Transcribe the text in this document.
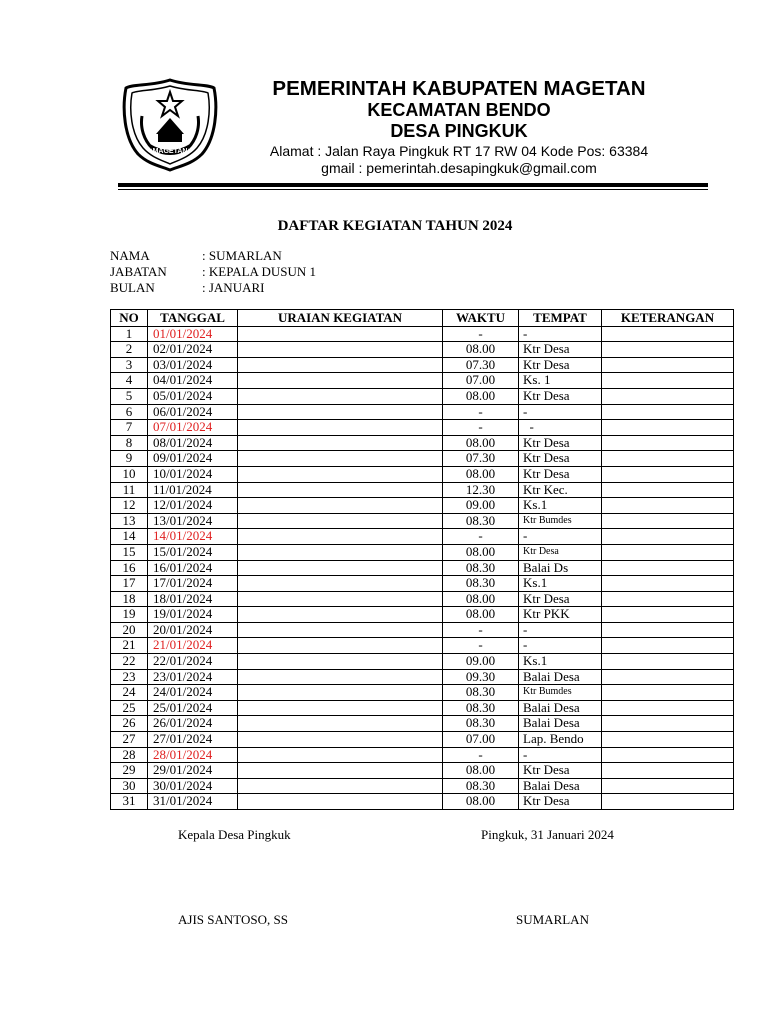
MAGETAN
PEMERINTAH KABUPATEN MAGETAN
KECAMATAN BENDO
DESA PINGKUK
Alamat : Jalan Raya Pingkuk RT 17 RW 04 Kode Pos: 63384
gmail : pemerintah.desapingkuk@gmail.com
DAFTAR KEGIATAN TAHUN 2024
NAMA	: SUMARLAN
JABATAN	: KEPALA DUSUN 1
BULAN	: JANUARI
NO	TANGGAL	URAIAN KEGIATAN	WAKTU	TEMPAT	KETERANGAN
1	01/01/2024		-	-	
2	02/01/2024		08.00	Ktr Desa	
3	03/01/2024		07.30	Ktr Desa	
4	04/01/2024		07.00	Ks. 1	
5	05/01/2024		08.00	Ktr Desa	
6	06/01/2024		-	-	
7	07/01/2024		-	-	
8	08/01/2024		08.00	Ktr Desa	
9	09/01/2024		07.30	Ktr Desa	
10	10/01/2024		08.00	Ktr Desa	
11	11/01/2024		12.30	Ktr Kec.	
12	12/01/2024		09.00	Ks.1	
13	13/01/2024		08.30	Ktr Bumdes	
14	14/01/2024		-	-	
15	15/01/2024		08.00	Ktr Desa	
16	16/01/2024		08.30	Balai Ds	
17	17/01/2024		08.30	Ks.1	
18	18/01/2024		08.00	Ktr Desa	
19	19/01/2024		08.00	Ktr PKK	
20	20/01/2024		-	-	
21	21/01/2024		-	-	
22	22/01/2024		09.00	Ks.1	
23	23/01/2024		09.30	Balai Desa	
24	24/01/2024		08.30	Ktr Bumdes	
25	25/01/2024		08.30	Balai Desa	
26	26/01/2024		08.30	Balai Desa	
27	27/01/2024		07.00	Lap. Bendo	
28	28/01/2024		-	-	
29	29/01/2024		08.00	Ktr Desa	
30	30/01/2024		08.30	Balai Desa	
31	31/01/2024		08.00	Ktr Desa	
Kepala Desa Pingkuk	Pingkuk, 31 Januari 2024
AJIS SANTOSO, SS	SUMARLAN
